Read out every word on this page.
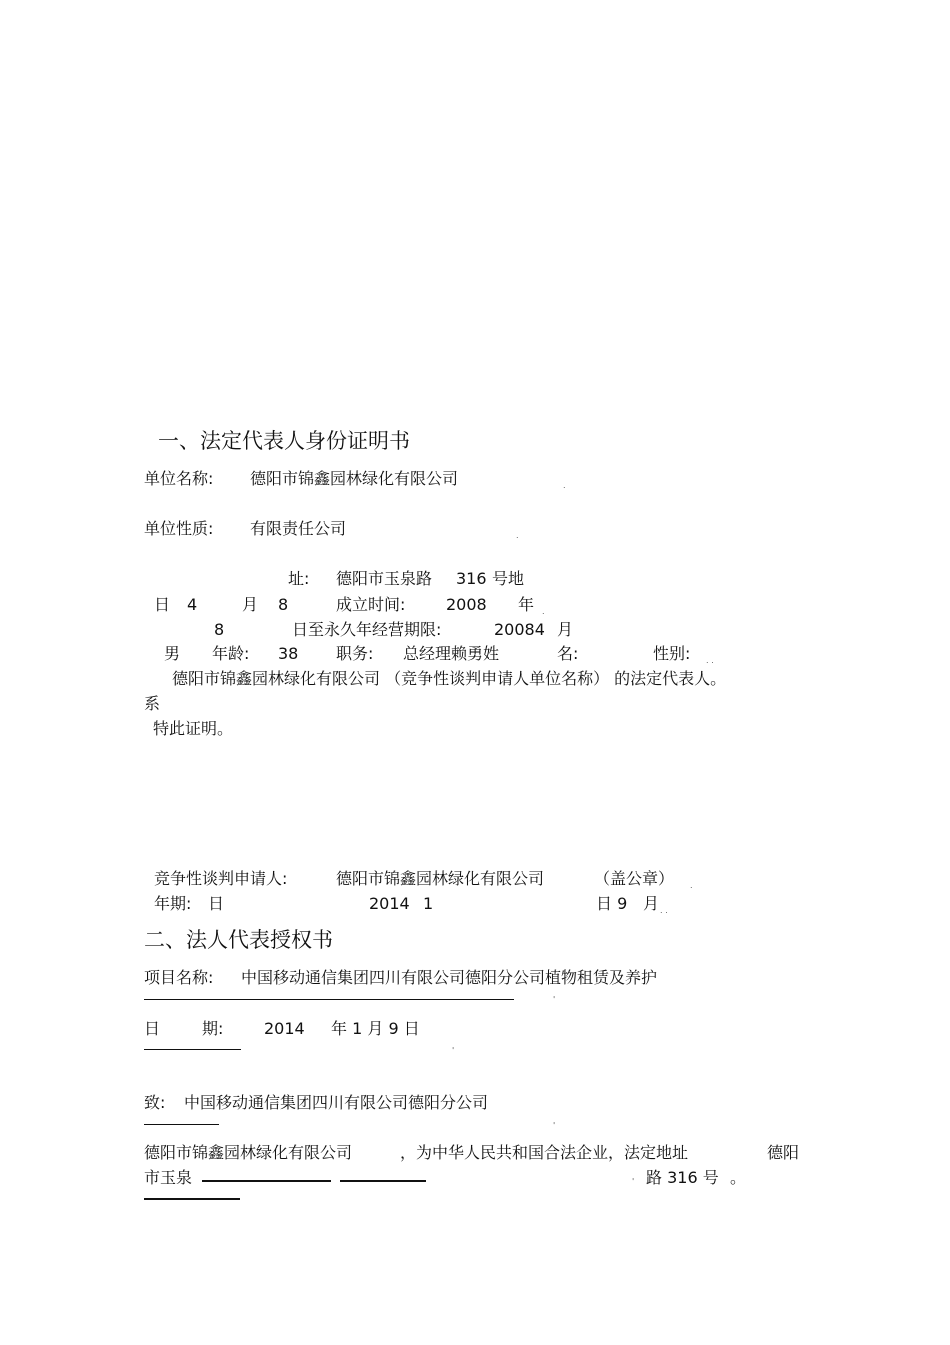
一、法定代表人身份证明书
单位名称: 德阳市锦鑫园林绿化有限公司	.
单位性质: 有限责任公司	.
址: 德阳市玉泉路 316 号地
日 4	月 8	成立时间:	2008 年 .
8	日至永久年经营期限:	20084 月
男 年龄: 38 职务: 总经理赖勇姓	名:	性别: . .
德阳市锦鑫园林绿化有限公司 （竞争性谈判申请人单位名称） 的法定代表人。
系
特此证明。
竞争性谈判申请人:	德阳市锦鑫园林绿化有限公司	（盖公章） .
年期: 日	2014 1	日 9 月 . .
二、法人代表授权书
项目名称: 中国移动通信集团四川有限公司德阳分公司植物租赁及养护
'
日	期:	2014 年 1 月 9 日
'
致: 中国移动通信集团四川有限公司德阳分公司
'
德阳市锦鑫园林绿化有限公司	，为中华人民共和国合法企业，法定地址	德阳
市玉泉	' 路 316 号 。
